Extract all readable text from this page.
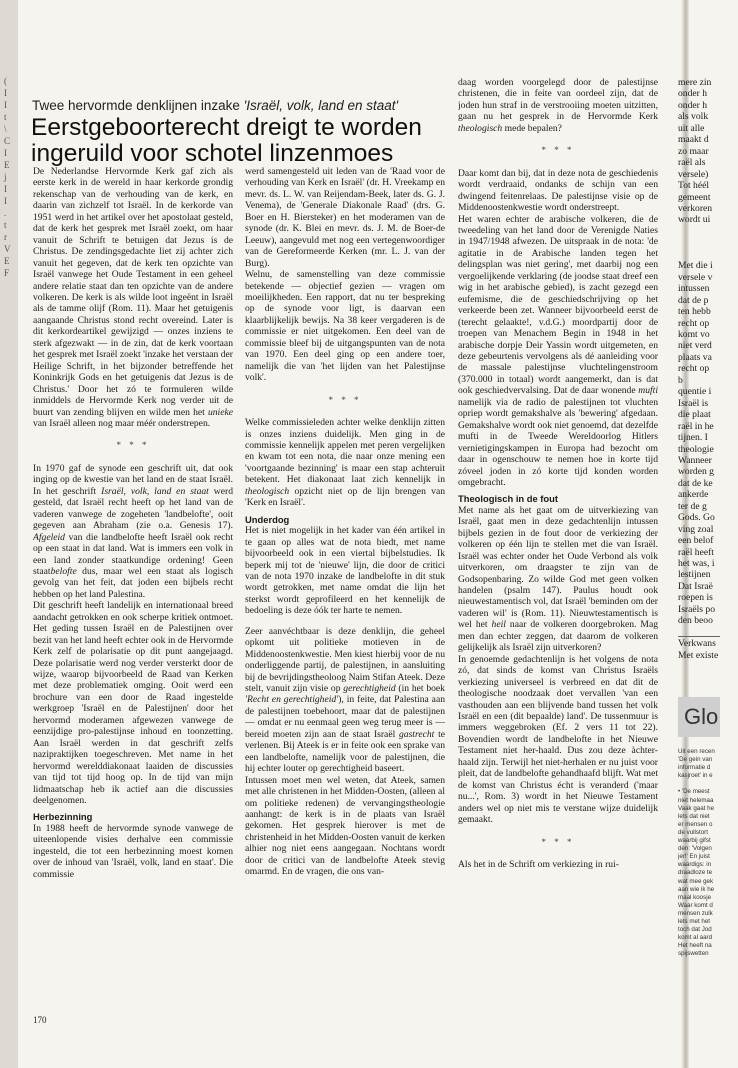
(
I
I
t
\
C
I
E
j
I
I
.
t
r
V
E
F
Twee hervormde denklijnen inzake 'Israël, volk, land en staat'
Eerstgeboorterecht dreigt te worden ingeruild voor schotel linzenmoes

De Nederlandse Hervormde Kerk gaf zich als eerste kerk in de wereld in haar kerkorde grondig rekenschap van de verhouding van de kerk, en daarin van zichzelf tot Israël. In de kerkorde van 1951 werd in het artikel over het apostolaat gesteld, dat de kerk het gesprek met Israël zoekt, om haar vanuit de Schrift te betuigen dat Jezus is de Christus. De zendingsgedachte liet zij achter zich vanuit het gegeven, dat de kerk ten opzichte van Israël vanwege het Oude Testament in een geheel andere relatie staat dan ten opzichte van de andere volkeren. De kerk is als wilde loot ingeënt in Israël als de tamme olijf (Rom. 11). Maar het getuigenis aangaande Christus stond recht overeind. Later is dit kerkordeartikel gewijzigd — onzes inziens te sterk afgezwakt — in de zin, dat de kerk voortaan het gesprek met Israël zoekt 'inzake het verstaan der Heilige Schrift, in het bijzonder betreffende het Koninkrijk Gods en het getuigenis dat Jezus is de Christus.' Door het zó te formuleren wilde inmiddels de Hervormde Kerk nog verder uit de buurt van zending blijven en wilde men het unieke van Israël alleen nog maar méér onderstrepen.

* * *

In 1970 gaf de synode een geschrift uit, dat ook inging op de kwestie van het land en de staat Israël. In het geschrift Israël, volk, land en staat werd gesteld, dat Israël recht heeft op het land van de vaderen vanwege de zogeheten 'landbelofte', ooit gegeven aan Abraham (zie o.a. Genesis 17). Afgeleid van die landbelofte heeft Israël ook recht op een staat in dat land. Wat is immers een volk in een land zonder staatkundige ordening! Geen staatbelofte dus, maar wel een staat als logisch gevolg van het feit, dat joden een bijbels recht hebben op het land Palestina.

Dit geschrift heeft landelijk en internationaal breed aandacht getrokken en ook scherpe kritiek ontmoet. Het geding tussen Israël en de Palestijnen over bezit van het land heeft echter ook in de Hervormde Kerk zelf de polarisatie op dit punt aangejaagd. Deze polarisatie werd nog verder versterkt door de wijze, waarop bijvoorbeeld de Raad van Kerken met deze problematiek omging. Ooit werd een brochure van een door de Raad ingestelde werkgroep 'Israël en de Palestijnen' door het hervormd moderamen afgewezen vanwege de eenzijdige pro-palestijnse inhoud en toonzetting. Aan Israël werden in dat geschrift zelfs nazipraktijken toegeschreven. Met name in het hervormd werelddiakonaat laaiden de discussies van tijd tot tijd hoog op. In de tijd van mijn lidmaatschap heb ik actief aan die discussies deelgenomen.

Herbezinning

In 1988 heeft de hervormde synode vanwege de uiteenlopende visies derhalve een commissie ingesteld, die tot een herbezinning moest komen over de inhoud van 'Israël, volk, land en staat'. Die commissie

werd samengesteld uit leden van de 'Raad voor de verhouding van Kerk en Israël' (dr. H. Vreekamp en mevr. ds. L. W. van Reijendam-Beek, later ds. G. J. Venema), de 'Generale Diakonale Raad' (drs. G. Boer en H. Biersteker) en het moderamen van de synode (dr. K. Blei en mevr. ds. J. M. de Boer-de Leeuw), aangevuld met nog een vertegenwoordiger van de Gereformeerde Kerken (mr. L. J. van der Burg).

Welnu, de samenstelling van deze commissie betekende — objectief gezien — vragen om moeilijkheden. Een rapport, dat nu ter bespreking op de synode voor ligt, is daarvan een klaarblijkelijk bewijs. Na 38 keer vergaderen is de commissie er niet uitgekomen. Een deel van de commissie bleef bij de uitgangspunten van de nota van 1970. Een deel ging op een andere toer, namelijk die van 'het lijden van het Palestijnse volk'.

* * *

Welke commissieleden achter welke denklijn zitten is onzes inziens duidelijk. Men ging in de commissie kennelijk appelen met peren vergelijken en kwam tot een nota, die naar onze mening een 'voortgaande bezinning' is maar een stap achteruit betekent. Het diakonaat laat zich kennelijk in theologisch opzicht niet op de lijn brengen van 'Kerk en Israël'.

Underdog

Het is niet mogelijk in het kader van één artikel in te gaan op alles wat de nota biedt, met name bijvoorbeeld ook in een viertal bijbelstudies. Ik beperk mij tot de 'nieuwe' lijn, die door de critici van de nota 1970 inzake de landbelofte in dit stuk wordt getrokken, met name omdat die lijn het sterkst wordt geprofileerd en het kennelijk de bedoeling is deze óók ter harte te nemen.

Zeer aanvéchtbaar is deze denklijn, die geheel opkomt uit politieke motieven in de Middenoostenkwestie. Men kiest hierbij voor de nu onderliggende partij, de palestijnen, in aansluiting bij de bevrijdingstheoloog Naim Stifan Ateek. Deze stelt, vanuit zijn visie op gerechtigheid (in het boek 'Recht en gerechtigheid'), in feite, dat Palestina aan de palestijnen toebehoort, maar dat de palestijnen — omdat er nu eenmaal geen weg terug meer is — bereid moeten zijn aan de staat Israël gastrecht te verlenen. Bij Ateek is er in feite ook een sprake van een landbelofte, namelijk voor de palestijnen, die hij echter louter op gerechtigheid baseert.

Intussen moet men wel weten, dat Ateek, samen met alle christenen in het Midden-Oosten, (alleen al om politieke redenen) de vervangingstheologie aanhangt: de kerk is in de plaats van Israël gekomen. Het gesprek hierover is met de christenheid in het Midden-Oosten vanuit de kerken alhier nog niet eens aangegaan. Nochtans wordt door de critici van de landbelofte Ateek stevig omarmd. En de vragen, die ons van-

daag worden voorgelegd door de palestijnse christenen, die in feite van oordeel zijn, dat de joden hun straf in de verstrooiing moeten uitzitten, gaan nu het gesprek in de Hervormde Kerk theologisch mede bepalen?

* * *

Daar komt dan bij, dat in deze nota de geschiedenis wordt verdraaid, ondanks de schijn van een dwingend feitenrelaas. De palestijnse visie op de Middenoostenkwestie wordt onderstreept.

Het waren echter de arabische volkeren, die de tweedeling van het land door de Verenigde Naties in 1947/1948 afwezen. De uitspraak in de nota: 'de agitatie in de Arabische landen tegen het delingsplan was niet gering', met daarbij nog een vergoelijkende verklaring (de joodse staat dreef een wig in het arabische gebied), is zacht gezegd een eufemisme, die de geschiedschrijving op het verkeerde been zet. Wanneer bijvoorbeeld eerst de (terecht gelaakte!, v.d.G.) moordpartij door de troepen van Menachem Begin in 1948 in het arabische dorpje Deir Yassin wordt uitgemeten, en deze gebeurtenis vervolgens als dé aanleiding voor de massale palestijnse vluchtelingenstroom (370.000 in totaal) wordt aangemerkt, dan is dat ook geschiedvervalsing. Dat de daar wonende mufti namelijk via de radio de palestijnen tot vluchten opriep wordt gemakshalve als 'bewering' afgedaan. Gemakshalve wordt ook niet genoemd, dat dezelfde mufti in de Tweede Wereldoorlog Hitlers vernietigingskampen in Europa had bezocht om daar in ogenschouw te nemen hoe in korte tijd zóveel joden in zó korte tijd konden worden omgebracht.

Theologisch in de fout

Met name als het gaat om de uitverkiezing van Israël, gaat men in deze gedachtenlijn intussen bijbels gezien in de fout door de verkiezing der volkeren op één lijn te stellen met die van Israël. Israël was echter onder het Oude Verbond als volk uitverkoren, om draagster te zijn van de Godsopenbaring. Zo wilde God met geen volken handelen (psalm 147). Paulus houdt ook nieuwestamentisch vol, dat Israël 'beminden om der vaderen wil' is (Rom. 11). Nieuwtestamentisch is wel het heil naar de volkeren doorgebroken. Mag men dan echter zeggen, dat daarom de volkeren gelijkelijk als Israël zijn uitverkoren?

In genoemde gedachtenlijn is het volgens de nota zó, dat sinds de komst van Christus Israëls verkiezing universeel is verbreed en dat dit de theologische noodzaak doet vervallen 'van een vasthouden aan een blijvende band tussen het volk Israël en een (dit bepaalde) land'. De tussenmuur is immers weggebroken (Ef. 2 vers 11 tot 22). Bovendien wordt de landbelofte in het Nieuwe Testament niet her-haald. Dus zou deze àchter-haald zijn. Terwijl het niet-herhalen er nu juist voor pleit, dat de landbelofte gehandhaafd blijft. Wat met de komst van Christus écht is veranderd ('maar nu...', Rom. 3) wordt in het Nieuwe Testament anders wel op niet mis te verstane wijze duidelijk gemaakt.

* * *

Als het in de Schrift om verkiezing in rui-

mere zin
onder h
onder h
als volk
uit alle
maakt d
zo maar
raël als
versele)
Tot héél
gemeent
verkoren
wordt ui

Met die i
versele v
intussen
dat de p
ten hebb
recht op
komt vo
niet verd
plaats va
recht op
b
quentie i
Israël is
die plaat
raël in he
tijnen. I
theologie
Wanneer
worden g
dat de ke
ankerde
ter de g
Gods. Go
ving zoal
een belof
raël heeft
het was, i
lestijnen
Dat Israë
roepen is
Israëls po
den beoo

Verkwans
Met existe
Glo
Uit een recen
'De gein van
informatie d
kasjroet' in e

• 'De meest
niet helemaa
Vaak gaat he
lets dat niet
er mensen o
de vullstort
waarbij gifst
den: 'Volgen
jer!' En juist
waardigs: in
draadloze te
wat mee gek
aan wie ik he
maal koosje
Waar komt d
mensen zulk
lets met het
toch dat Jod
komt al aard
Het heeft na
spijswetten
170
